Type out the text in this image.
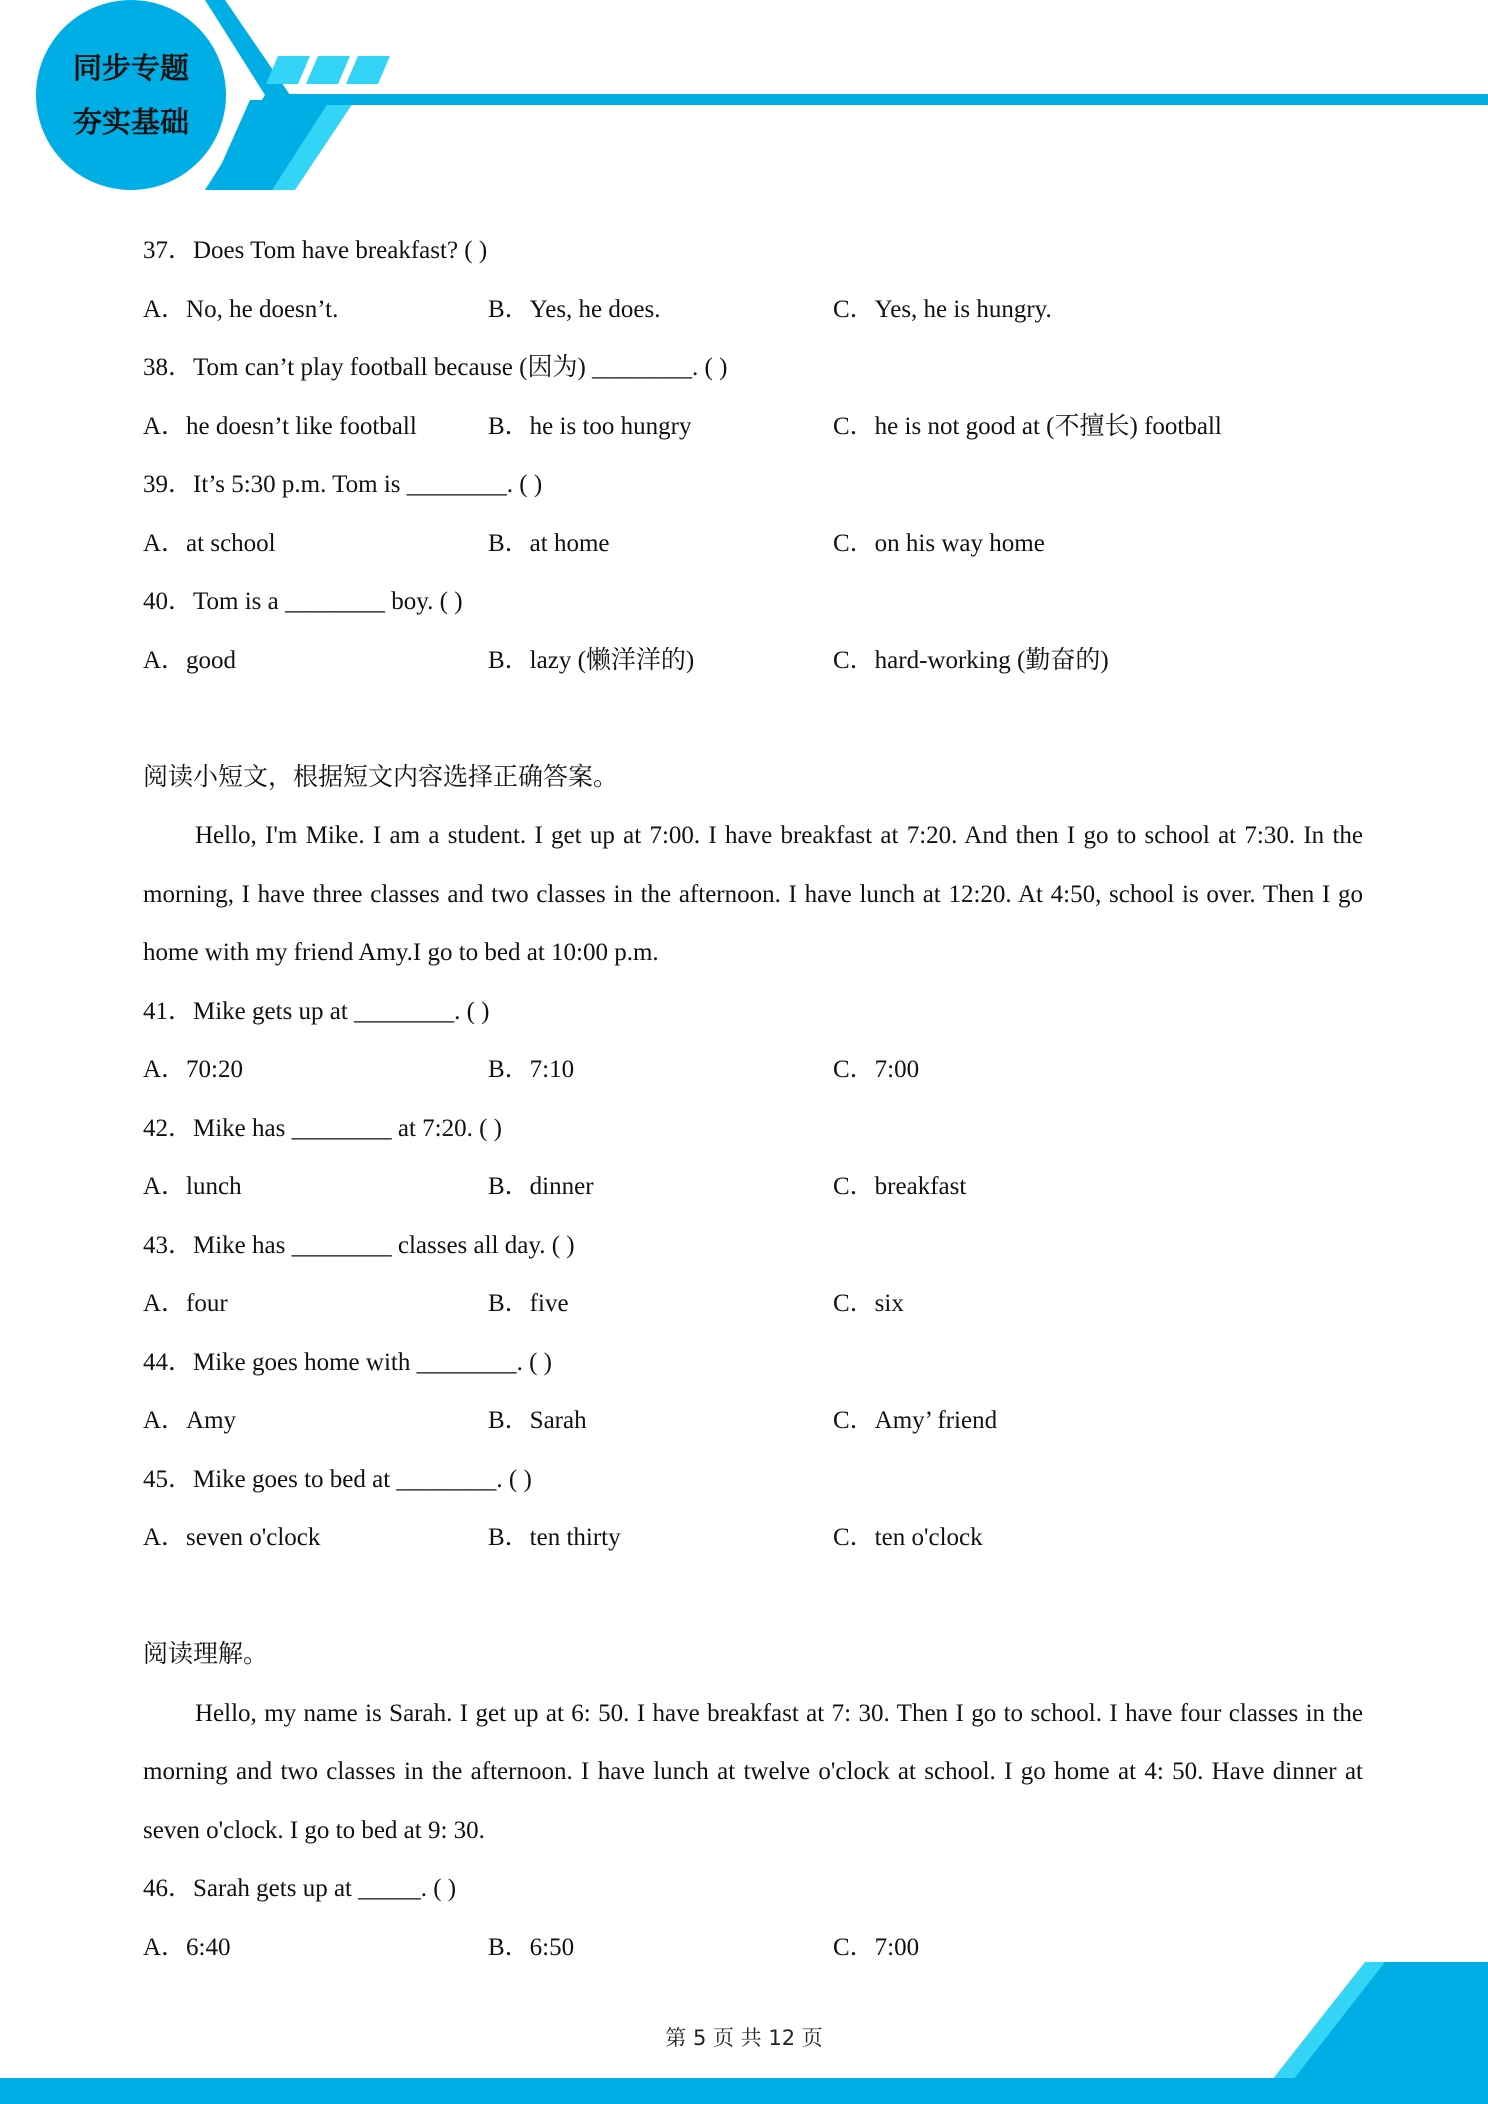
同步专题
夯实基础
37．Does Tom have breakfast? ( )
A．No, he doesn’t.	B．Yes, he does.	C．Yes, he is hungry.
38．Tom can’t play football because (因为) ________. ( )
A．he doesn’t like football	B．he is too hungry	C．he is not good at (不擅长) football
39．It’s 5:30 p.m. Tom is ________. ( )
A．at school	B．at home	C．on his way home
40．Tom is a ________ boy. ( )
A．good	B．lazy (懒洋洋的)	C．hard-working (勤奋的)
阅读小短文，根据短文内容选择正确答案。
Hello, I'm Mike. I am a student. I get up at 7:00. I have breakfast at 7:20. And then I go to school at 7:30. In the morning, I have three classes and two classes in the afternoon. I have lunch at 12:20. At 4:50, school is over. Then I go home with my friend Amy.I go to bed at 10:00 p.m.
41．Mike gets up at ________. ( )
A．70:20	B．7:10	C．7:00
42．Mike has ________ at 7:20. ( )
A．lunch	B．dinner	C．breakfast
43．Mike has ________ classes all day. ( )
A．four	B．five	C．six
44．Mike goes home with ________. ( )
A．Amy	B．Sarah	C．Amy’ friend
45．Mike goes to bed at ________. ( )
A．seven o'clock	B．ten thirty	C．ten o'clock
阅读理解。
Hello, my name is Sarah. I get up at 6: 50. I have breakfast at 7: 30. Then I go to school. I have four classes in the morning and two classes in the afternoon. I have lunch at twelve o'clock at school. I go home at 4: 50. Have dinner at seven o'clock. I go to bed at 9: 30.
46．Sarah gets up at _____. ( )
A．6:40	B．6:50	C．7:00
第 5 页 共 12 页
